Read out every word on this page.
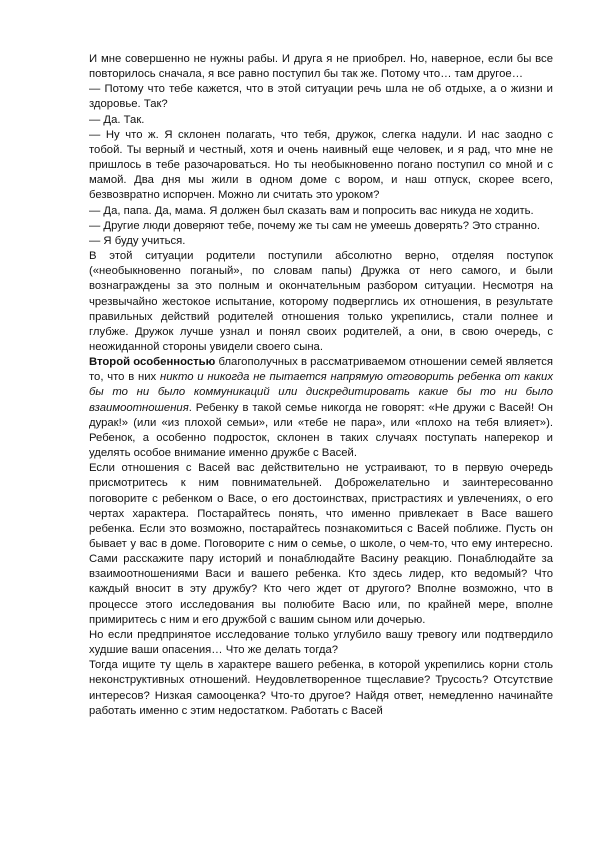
И мне совершенно не нужны рабы. И друга я не приобрел. Но, наверное, если бы все повторилось сначала, я все равно поступил бы так же. Потому что… там другое…

— Потому что тебе кажется, что в этой ситуации речь шла не об отдыхе, а о жизни и здоровье. Так?

— Да. Так.

— Ну что ж. Я склонен полагать, что тебя, дружок, слегка надули. И нас заодно с тобой. Ты верный и честный, хотя и очень наивный еще человек, и я рад, что мне не пришлось в тебе разочароваться. Но ты необыкновенно погано поступил со мной и с мамой. Два дня мы жили в одном доме с вором, и наш отпуск, скорее всего, безвозвратно испорчен. Можно ли считать это уроком?

— Да, папа. Да, мама. Я должен был сказать вам и попросить вас никуда не ходить.

— Другие люди доверяют тебе, почему же ты сам не умеешь доверять? Это странно.

— Я буду учиться.

В этой ситуации родители поступили абсолютно верно, отделяя поступок («необыкновенно поганый», по словам папы) Дружка от него самого, и были вознаграждены за это полным и окончательным разбором ситуации. Несмотря на чрезвычайно жестокое испытание, которому подверглись их отношения, в результате правильных действий родителей отношения только укрепились, стали полнее и глубже. Дружок лучше узнал и понял своих родителей, а они, в свою очередь, с неожиданной стороны увидели своего сына.

Второй особенностью благополучных в рассматриваемом отношении семей является то, что в них никто и никогда не пытается напрямую отговорить ребенка от каких бы то ни было коммуникаций или дискредитировать какие бы то ни было взаимоотношения. Ребенку в такой семье никогда не говорят: «Не дружи с Васей! Он дурак!» (или «из плохой семьи», или «тебе не пара», или «плохо на тебя влияет»). Ребенок, а особенно подросток, склонен в таких случаях поступать наперекор и уделять особое внимание именно дружбе с Васей.

Если отношения с Васей вас действительно не устраивают, то в первую очередь присмотритесь к ним повнимательней. Доброжелательно и заинтересованно поговорите с ребенком о Васе, о его достоинствах, пристрастиях и увлечениях, о его чертах характера. Постарайтесь понять, что именно привлекает в Васе вашего ребенка. Если это возможно, постарайтесь познакомиться с Васей поближе. Пусть он бывает у вас в доме. Поговорите с ним о семье, о школе, о чем-то, что ему интересно. Сами расскажите пару историй и понаблюдайте Васину реакцию. Понаблюдайте за взаимоотношениями Васи и вашего ребенка. Кто здесь лидер, кто ведомый? Что каждый вносит в эту дружбу? Кто чего ждет от другого? Вполне возможно, что в процессе этого исследования вы полюбите Васю или, по крайней мере, вполне примиритесь с ним и его дружбой с вашим сыном или дочерью.

Но если предпринятое исследование только углубило вашу тревогу или подтвердило худшие ваши опасения… Что же делать тогда?

Тогда ищите ту щель в характере вашего ребенка, в которой укрепились корни столь неконструктивных отношений. Неудовлетворенное тщеславие? Трусость? Отсутствие интересов? Низкая самооценка? Что-то другое? Найдя ответ, немедленно начинайте работать именно с этим недостатком. Работать с Васей
